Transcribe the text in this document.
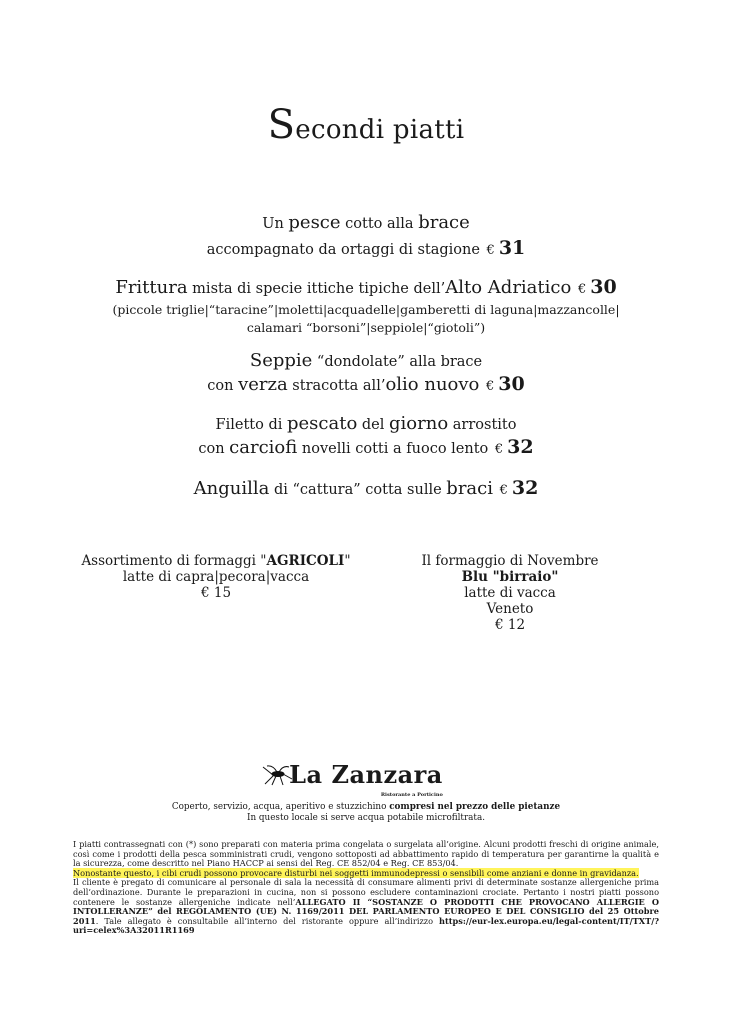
Secondi piatti
Un pesce cotto alla brace
accompagnato da ortaggi di stagione € 31
Frittura mista di specie ittiche tipiche dell’Alto Adriatico € 30
(piccole triglie|“taracine”|moletti|acquadelle|gamberetti di laguna|mazzancolle|
calamari “borsoni”|seppiole|“giotoli”)
Seppie “dondolate” alla brace
con verza stracotta all’olio nuovo € 30
Filetto di pescato del giorno arrostito
con carciofi novelli cotti a fuoco lento € 32
Anguilla di “cattura” cotta sulle braci € 32
Assortimento di formaggi "AGRICOLI"
latte di capra|pecora|vacca
€ 15
Il formaggio di Novembre
Blu "birraio"
latte di vacca
Veneto
€ 12
La Zanzara
Ristorante a Porticino
Coperto, servizio, acqua, aperitivo e stuzzichino compresi nel prezzo delle pietanze
In questo locale si serve acqua potabile microfiltrata.
I piatti contrassegnati con (*) sono preparati con materia prima congelata o surgelata all’origine. Alcuni prodotti freschi di origine animale, così come i prodotti della pesca somministrati crudi, vengono sottoposti ad abbattimento rapido di temperatura per garantirne la qualità e la sicurezza, come descritto nel Piano HACCP ai sensi del Reg. CE 852/04 e Reg. CE 853/04.
Nonostante questo, i cibi crudi possono provocare disturbi nei soggetti immunodepressi o sensibili come anziani e donne in gravidanza.
Il cliente è pregato di comunicare al personale di sala la necessità di consumare alimenti privi di determinate sostanze allergeniche prima dell’ordinazione. Durante le preparazioni in cucina, non si possono escludere contaminazioni crociate. Pertanto i nostri piatti possono contenere le sostanze allergeniche indicate nell’ALLEGATO II “SOSTANZE O PRODOTTI CHE PROVOCANO ALLERGIE O INTOLLERANZE” del REGOLAMENTO (UE) N. 1169/2011 DEL PARLAMENTO EUROPEO E DEL CONSIGLIO del 25 Ottobre 2011. Tale allegato è consultabile all’interno del ristorante oppure all’indirizzo https://eur-lex.europa.eu/legal-content/IT/TXT/?uri=celex%3A32011R1169
